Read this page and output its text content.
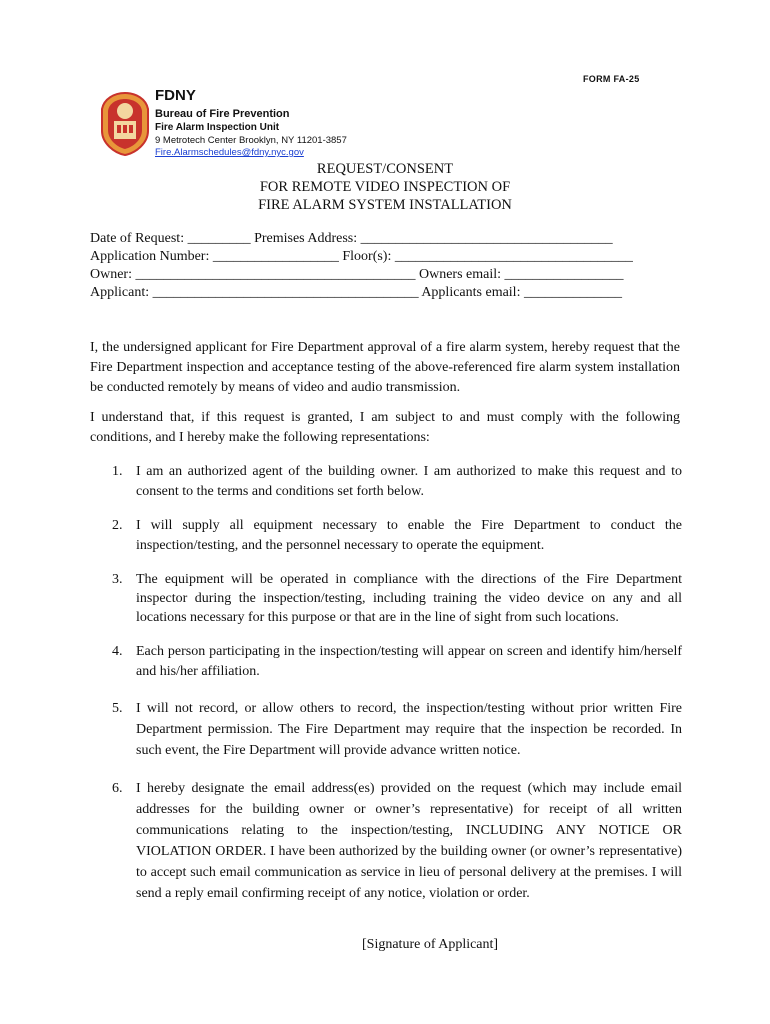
FORM FA-25
FDNY
Bureau of Fire Prevention
Fire Alarm Inspection Unit
9 Metrotech Center Brooklyn, NY 11201-3857
Fire.Alarmschedules@fdny.nyc.gov
REQUEST/CONSENT
FOR REMOTE VIDEO INSPECTION OF
FIRE ALARM SYSTEM INSTALLATION
Date of Request: _________ Premises Address: ____________________________________
Application Number: __________________ Floor(s): __________________________________
Owner: ________________________________________ Owners email: _________________
Applicant: ______________________________________ Applicants email: ______________
I, the undersigned applicant for Fire Department approval of a fire alarm system, hereby request that the Fire Department inspection and acceptance testing of the above-referenced fire alarm system installation be conducted remotely by means of video and audio transmission.
I understand that, if this request is granted, I am subject to and must comply with the following conditions, and I hereby make the following representations:
1. I am an authorized agent of the building owner. I am authorized to make this request and to consent to the terms and conditions set forth below.
2. I will supply all equipment necessary to enable the Fire Department to conduct the inspection/testing, and the personnel necessary to operate the equipment.
3. The equipment will be operated in compliance with the directions of the Fire Department inspector during the inspection/testing, including training the video device on any and all locations necessary for this purpose or that are in the line of sight from such locations.
4. Each person participating in the inspection/testing will appear on screen and identify him/herself and his/her affiliation.
5. I will not record, or allow others to record, the inspection/testing without prior written Fire Department permission. The Fire Department may require that the inspection be recorded. In such event, the Fire Department will provide advance written notice.
6. I hereby designate the email address(es) provided on the request (which may include email addresses for the building owner or owner’s representative) for receipt of all written communications relating to the inspection/testing, INCLUDING ANY NOTICE OR VIOLATION ORDER. I have been authorized by the building owner (or owner’s representative) to accept such email communication as service in lieu of personal delivery at the premises. I will send a reply email confirming receipt of any notice, violation or order.
[Signature of Applicant]
